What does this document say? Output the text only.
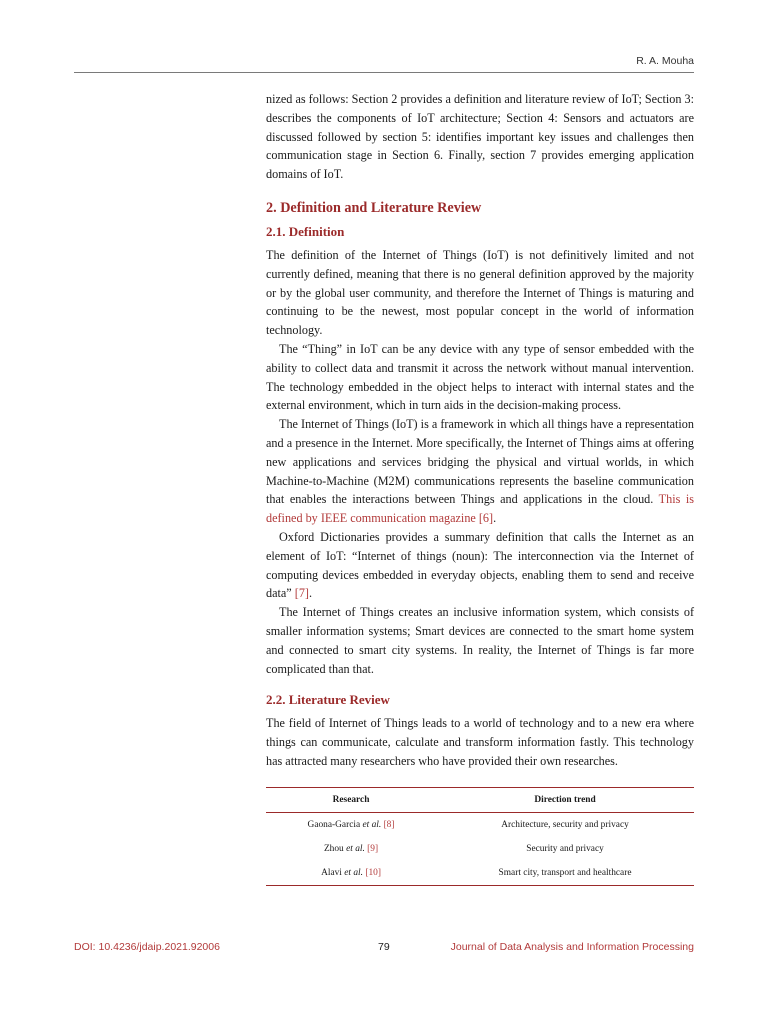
R. A. Mouha

nized as follows: Section 2 provides a definition and literature review of IoT; Section 3: describes the components of IoT architecture; Section 4: Sensors and actuators are discussed followed by section 5: identifies important key issues and challenges then communication stage in Section 6. Finally, section 7 provides emerging application domains of IoT.

2. Definition and Literature Review
2.1. Definition

The definition of the Internet of Things (IoT) is not definitively limited and not currently defined, meaning that there is no general definition approved by the majority or by the global user community, and therefore the Internet of Things is maturing and continuing to be the newest, most popular concept in the world of information technology.

The “Thing” in IoT can be any device with any type of sensor embedded with the ability to collect data and transmit it across the network without manual intervention. The technology embedded in the object helps to interact with internal states and the external environment, which in turn aids in the decision-making process.

The Internet of Things (IoT) is a framework in which all things have a representation and a presence in the Internet. More specifically, the Internet of Things aims at offering new applications and services bridging the physical and virtual worlds, in which Machine-to-Machine (M2M) communications represents the baseline communication that enables the interactions between Things and applications in the cloud. This is defined by IEEE communication magazine [6].

Oxford Dictionaries provides a summary definition that calls the Internet as an element of IoT: “Internet of things (noun): The interconnection via the Internet of computing devices embedded in everyday objects, enabling them to send and receive data” [7].

The Internet of Things creates an inclusive information system, which consists of smaller information systems; Smart devices are connected to the smart home system and connected to smart city systems. In reality, the Internet of Things is far more complicated than that.

2.2. Literature Review

The field of Internet of Things leads to a world of technology and to a new era where things can communicate, calculate and transform information fastly. This technology has attracted many researchers who have provided their own researches.

Research	Direction trend
Gaona-Garcia et al. [8]	Architecture, security and privacy
Zhou et al. [9]	Security and privacy
Alavi et al. [10]	Smart city, transport and healthcare
DOI: 10.4236/jdaip.2021.92006	79	Journal of Data Analysis and Information Processing
